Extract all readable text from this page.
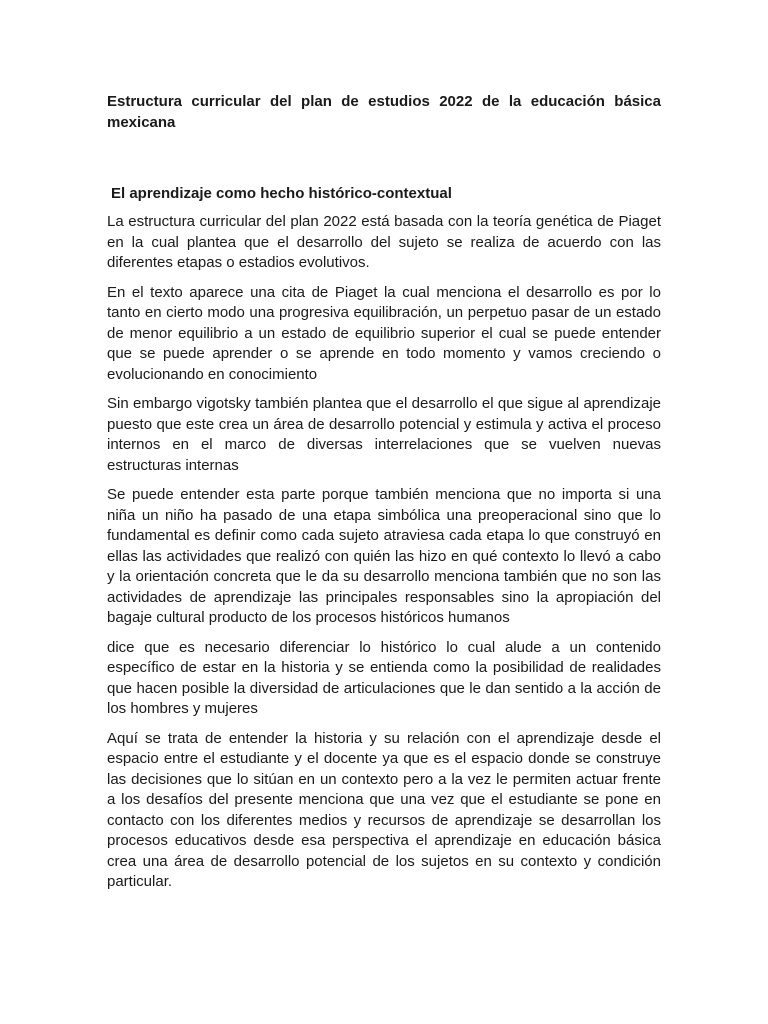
Estructura curricular del plan de estudios 2022 de la educación básica mexicana
El aprendizaje como hecho histórico-contextual

La estructura curricular del plan 2022 está basada con la teoría genética de Piaget en la cual plantea que el desarrollo del sujeto se realiza de acuerdo con las diferentes etapas o estadios evolutivos.

En el texto aparece una cita de Piaget la cual menciona el desarrollo es por lo tanto en cierto modo una progresiva equilibración, un perpetuo pasar de un estado de menor equilibrio a un estado de equilibrio superior el cual se puede entender que se puede aprender o se aprende en todo momento y vamos creciendo o evolucionando en conocimiento

Sin embargo vigotsky también plantea que el desarrollo el que sigue al aprendizaje puesto que este crea un área de desarrollo potencial y estimula y activa el proceso internos en el marco de diversas interrelaciones que se vuelven nuevas estructuras internas

Se puede entender esta parte porque también menciona que no importa si una niña un niño ha pasado de una etapa simbólica una preoperacional sino que lo fundamental es definir como cada sujeto atraviesa cada etapa lo que construyó en ellas las actividades que realizó con quién las hizo en qué contexto lo llevó a cabo y la orientación concreta que le da su desarrollo menciona también que no son las actividades de aprendizaje las principales responsables sino la apropiación del bagaje cultural producto de los procesos históricos humanos

dice que es necesario diferenciar lo histórico lo cual alude a un contenido específico de estar en la historia y se entienda como la posibilidad de realidades que hacen posible la diversidad de articulaciones que le dan sentido a la acción de los hombres y mujeres

Aquí se trata de entender la historia y su relación con el aprendizaje desde el espacio entre el estudiante y el docente ya que es el espacio donde se construye las decisiones que lo sitúan en un contexto pero a la vez le permiten actuar frente a los desafíos del presente menciona que una vez que el estudiante se pone en contacto con los diferentes medios y recursos de aprendizaje se desarrollan los procesos educativos desde esa perspectiva el aprendizaje en educación básica crea una área de desarrollo potencial de los sujetos en su contexto y condición particular.
